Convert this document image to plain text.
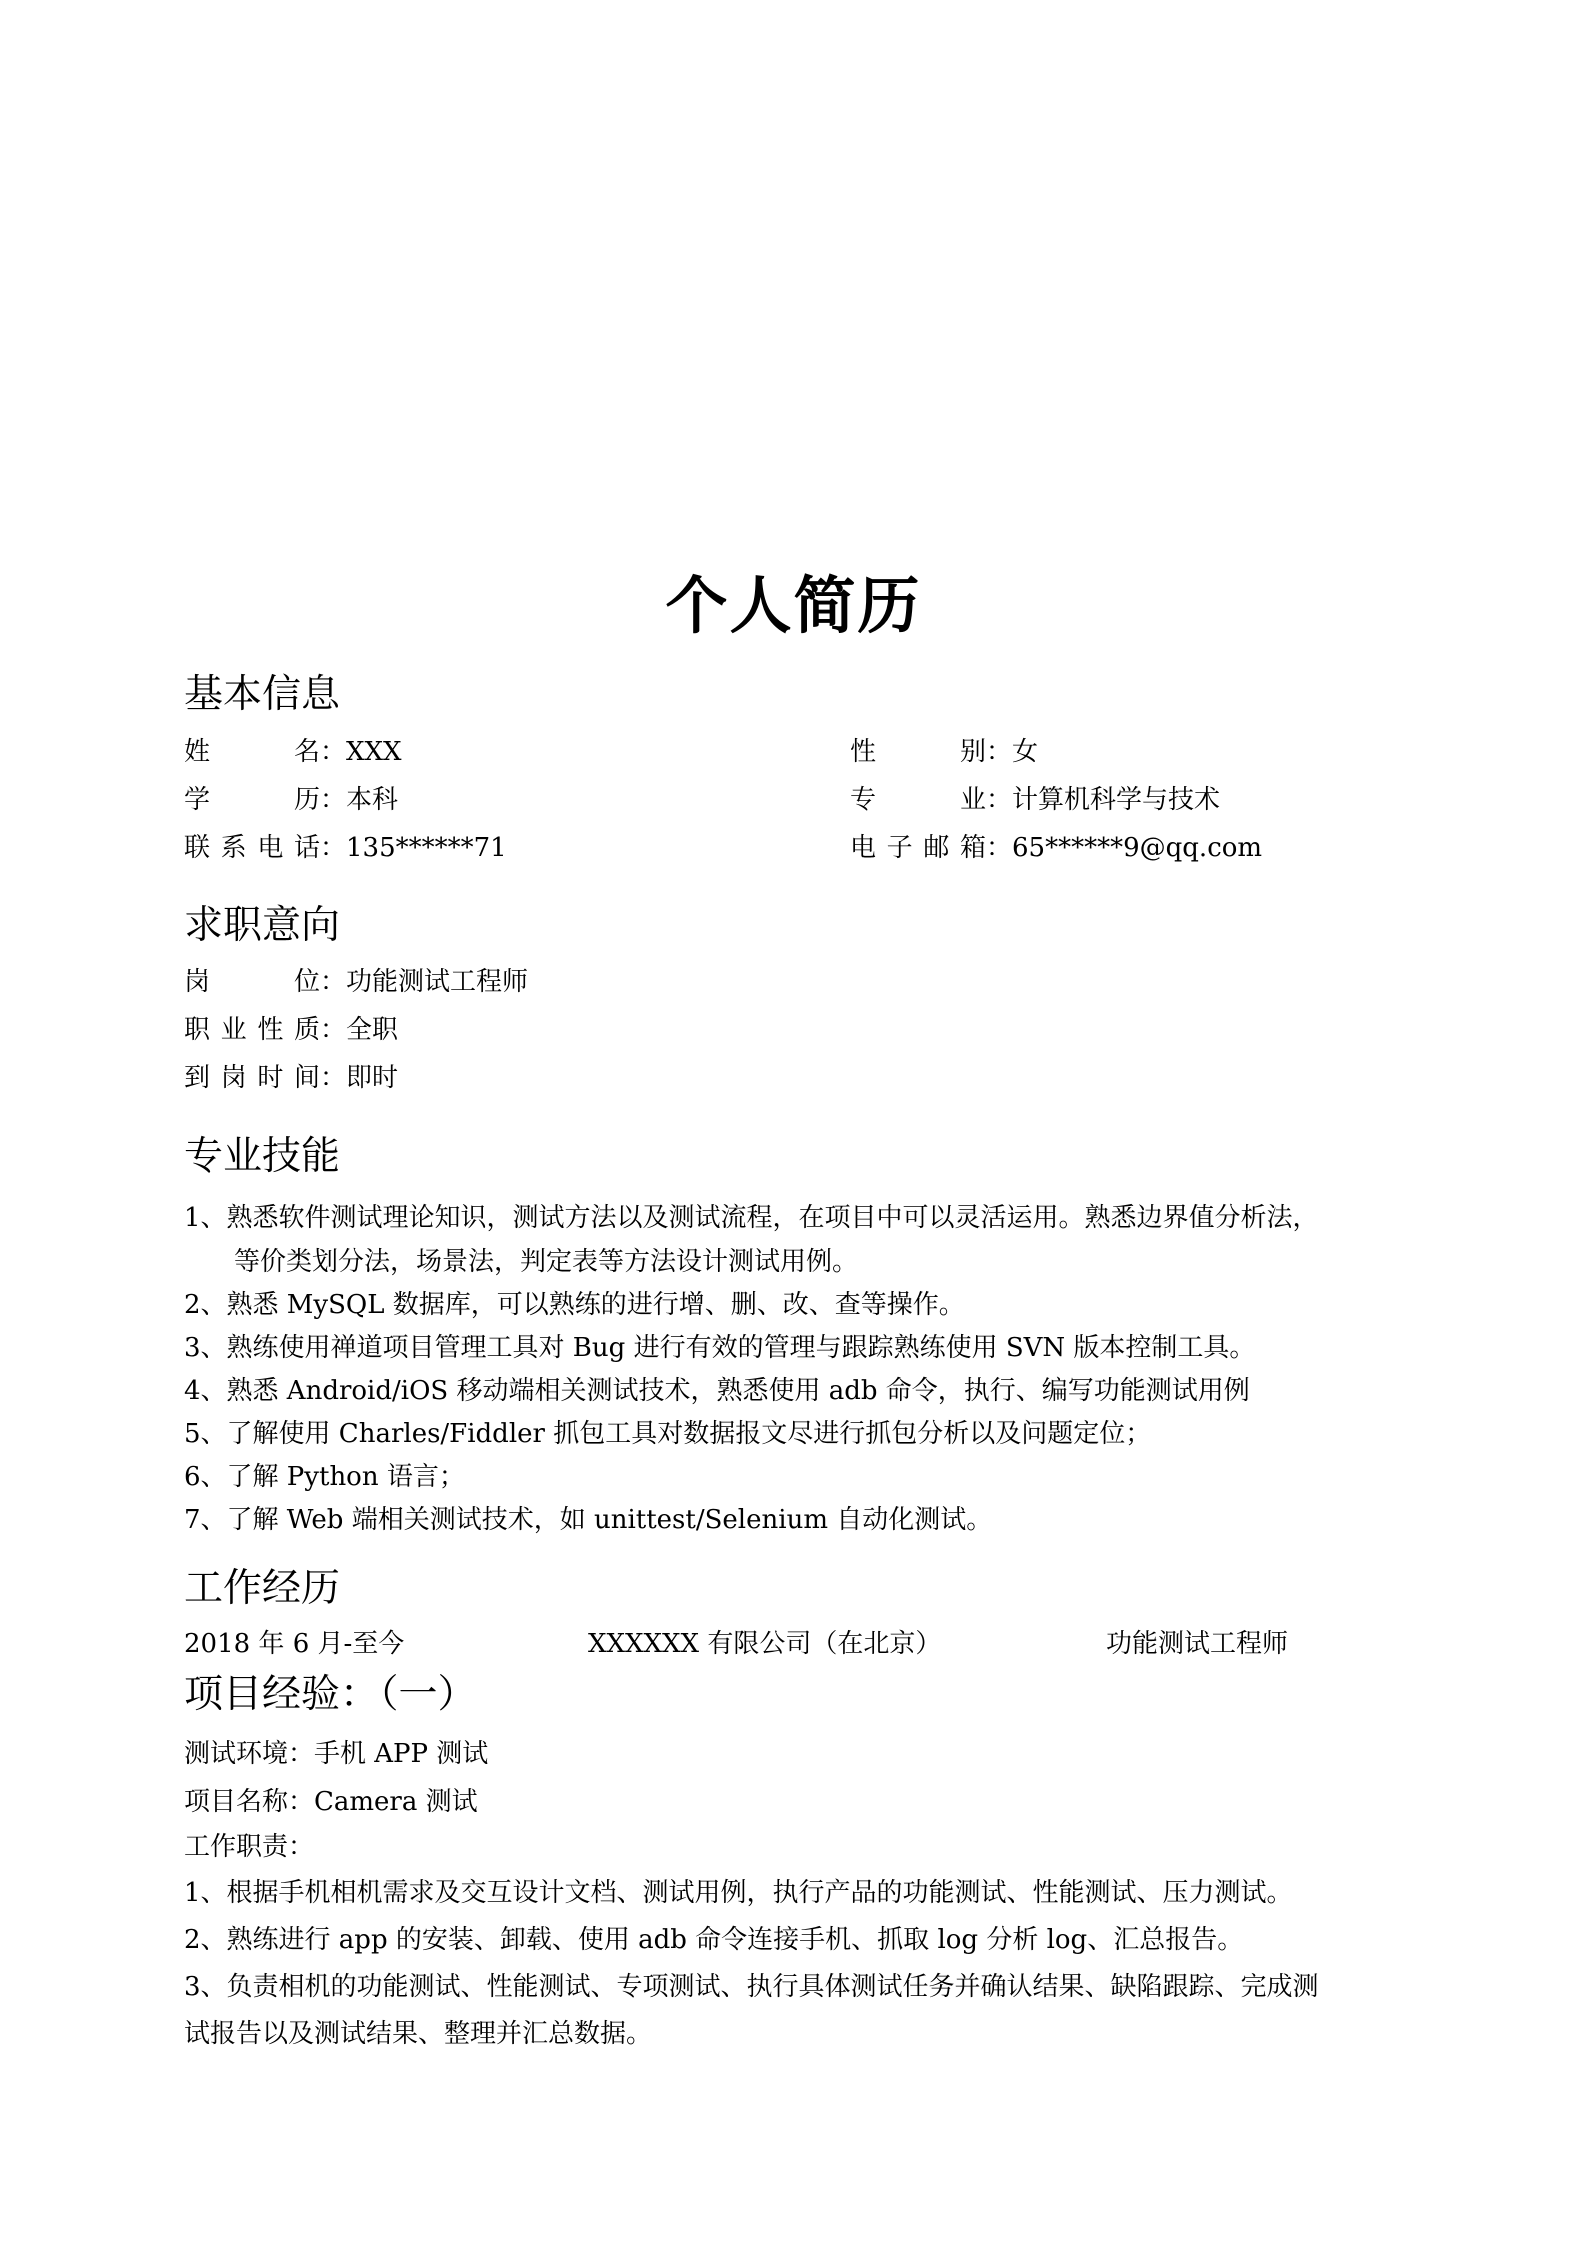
个人简历
基本信息
姓 名：XXX	性 别：女
学 历：本科	专 业：计算机科学与技术
联系电话：135******71	电子邮箱：65******9@qq.com
求职意向
岗 位：功能测试工程师
职业性质：全职
到岗时间：即时
专业技能
1、熟悉软件测试理论知识，测试方法以及测试流程，在项目中可以灵活运用。熟悉边界值分析法，
等价类划分法，场景法，判定表等方法设计测试用例。
2、熟悉 MySQL 数据库，可以熟练的进行增、删、改、查等操作。
3、熟练使用禅道项目管理工具对 Bug 进行有效的管理与跟踪熟练使用 SVN 版本控制工具。
4、熟悉 Android/iOS 移动端相关测试技术，熟悉使用 adb 命令，执行、编写功能测试用例
5、了解使用 Charles/Fiddler 抓包工具对数据报文尽进行抓包分析以及问题定位；
6、了解 Python 语言；
7、了解 Web 端相关测试技术，如 unittest/Selenium 自动化测试。
工作经历
2018 年 6 月-至今	XXXXXX 有限公司（在北京）	功能测试工程师
项目经验：（一）
测试环境：手机 APP 测试
项目名称：Camera 测试
工作职责：
1、根据手机相机需求及交互设计文档、测试用例，执行产品的功能测试、性能测试、压力测试。
2、熟练进行 app 的安装、卸载、使用 adb 命令连接手机、抓取 log 分析 log、汇总报告。
3、负责相机的功能测试、性能测试、专项测试、执行具体测试任务并确认结果、缺陷跟踪、完成测
试报告以及测试结果、整理并汇总数据。
